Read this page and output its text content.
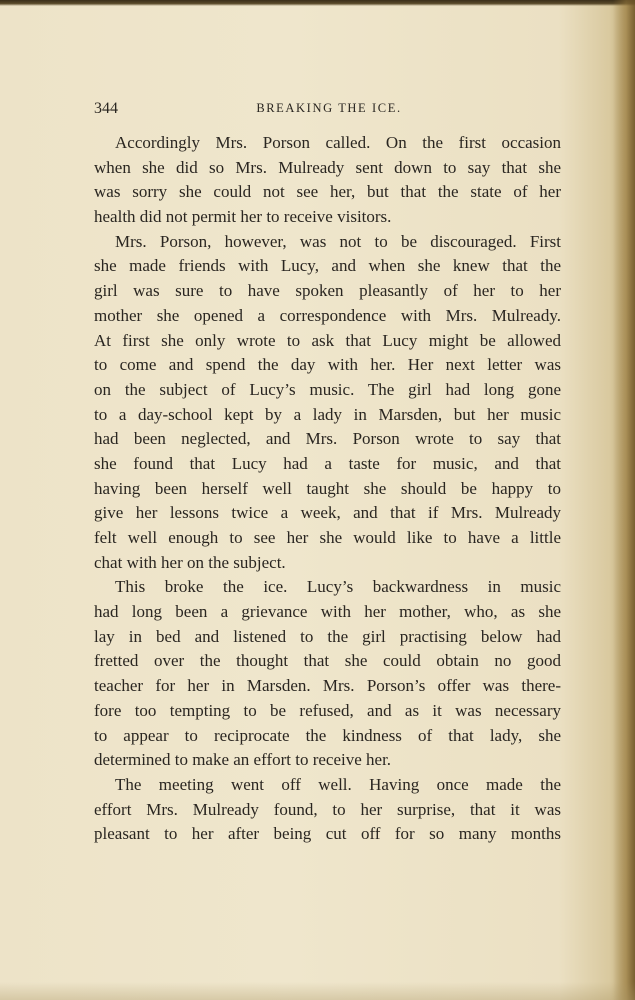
344	BREAKING THE ICE.
Accordingly Mrs. Porson called. On the first occasion
when she did so Mrs. Mulready sent down to say that she
was sorry she could not see her, but that the state of her
health did not permit her to receive visitors.
Mrs. Porson, however, was not to be discouraged. First
she made friends with Lucy, and when she knew that the
girl was sure to have spoken pleasantly of her to her
mother she opened a correspondence with Mrs. Mulready.
At first she only wrote to ask that Lucy might be allowed
to come and spend the day with her. Her next letter was
on the subject of Lucy’s music. The girl had long gone
to a day-school kept by a lady in Marsden, but her music
had been neglected, and Mrs. Porson wrote to say that
she found that Lucy had a taste for music, and that
having been herself well taught she should be happy to
give her lessons twice a week, and that if Mrs. Mulready
felt well enough to see her she would like to have a little
chat with her on the subject.
This broke the ice. Lucy’s backwardness in music
had long been a grievance with her mother, who, as she
lay in bed and listened to the girl practising below had
fretted over the thought that she could obtain no good
teacher for her in Marsden. Mrs. Porson’s offer was there-
fore too tempting to be refused, and as it was necessary
to appear to reciprocate the kindness of that lady, she
determined to make an effort to receive her.
The meeting went off well. Having once made the
effort Mrs. Mulready found, to her surprise, that it was
pleasant to her after being cut off for so many months
